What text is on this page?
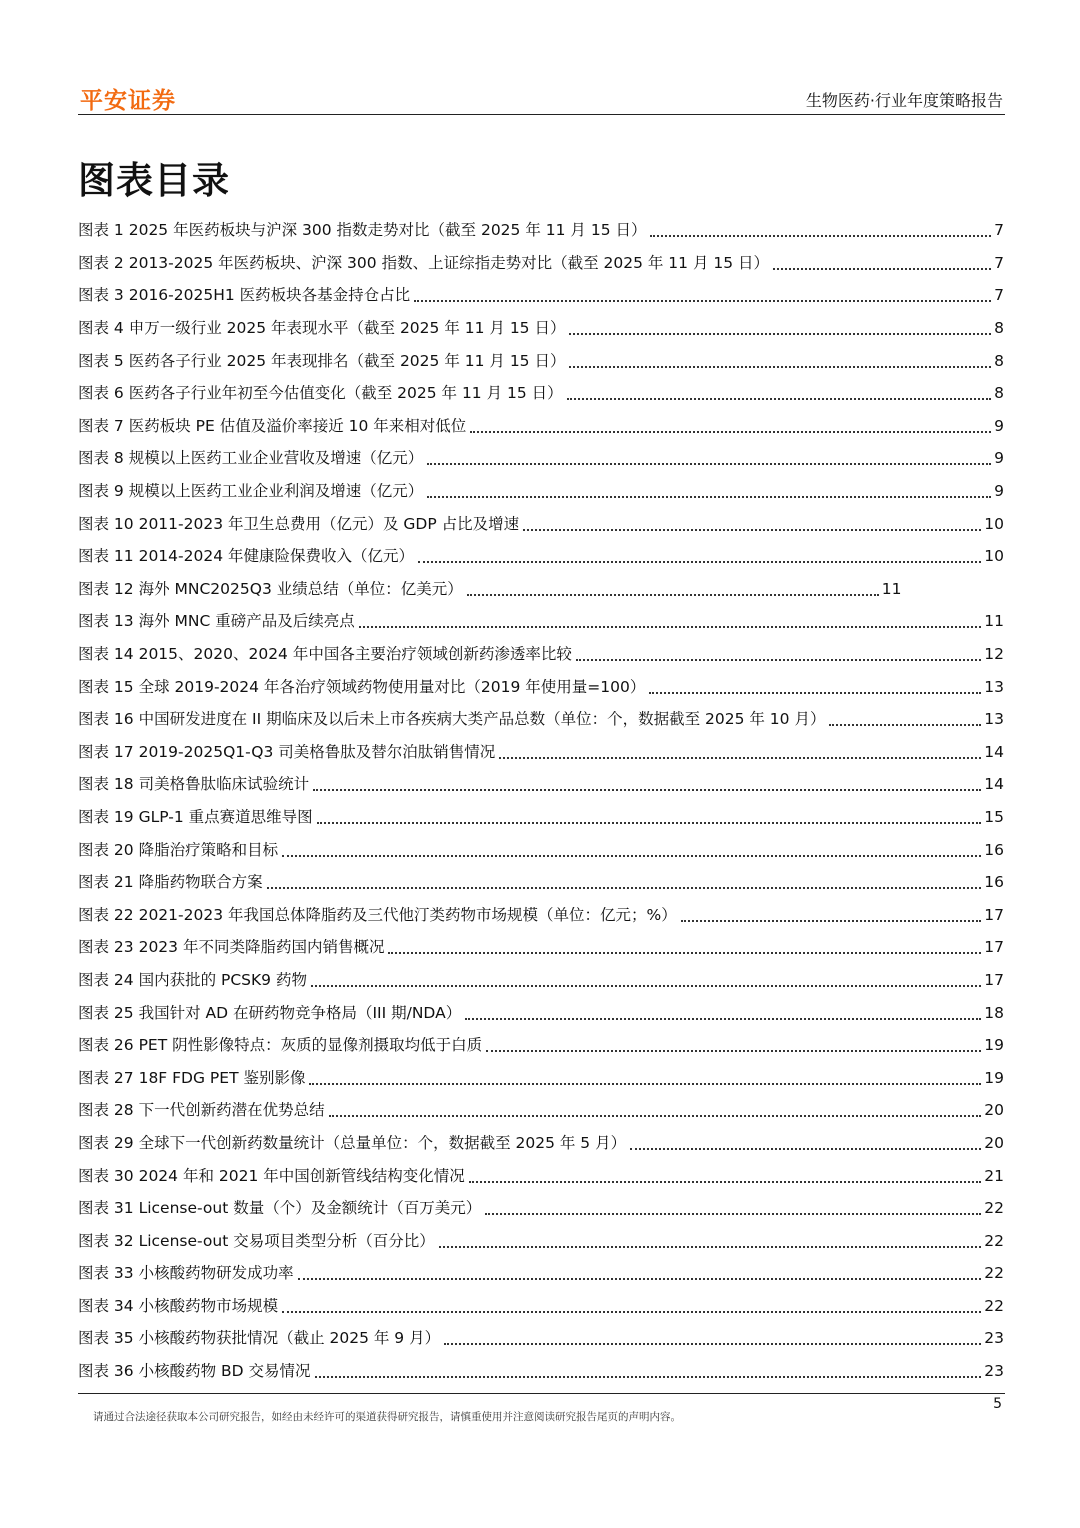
平安证券	生物医药·行业年度策略报告
图表目录
图表 1 2025 年医药板块与沪深 300 指数走势对比（截至 2025 年 11 月 15 日）	7
图表 2 2013-2025 年医药板块、沪深 300 指数、上证综指走势对比（截至 2025 年 11 月 15 日）	7
图表 3 2016-2025H1 医药板块各基金持仓占比	7
图表 4 申万一级行业 2025 年表现水平（截至 2025 年 11 月 15 日）	8
图表 5 医药各子行业 2025 年表现排名（截至 2025 年 11 月 15 日）	8
图表 6 医药各子行业年初至今估值变化（截至 2025 年 11 月 15 日）	8
图表 7 医药板块 PE 估值及溢价率接近 10 年来相对低位	9
图表 8 规模以上医药工业企业营收及增速（亿元）	9
图表 9 规模以上医药工业企业利润及增速（亿元）	9
图表 10 2011-2023 年卫生总费用（亿元）及 GDP 占比及增速	10
图表 11 2014-2024 年健康险保费收入（亿元）	10
图表 12 海外 MNC2025Q3 业绩总结（单位：亿美元）	11
图表 13 海外 MNC 重磅产品及后续亮点	11
图表 14 2015、2020、2024 年中国各主要治疗领域创新药渗透率比较	12
图表 15 全球 2019-2024 年各治疗领域药物使用量对比（2019 年使用量=100）	13
图表 16 中国研发进度在 II 期临床及以后未上市各疾病大类产品总数（单位：个，数据截至 2025 年 10 月）	13
图表 17 2019-2025Q1-Q3 司美格鲁肽及替尔泊肽销售情况	14
图表 18 司美格鲁肽临床试验统计	14
图表 19 GLP-1 重点赛道思维导图	15
图表 20 降脂治疗策略和目标	16
图表 21 降脂药物联合方案	16
图表 22 2021-2023 年我国总体降脂药及三代他汀类药物市场规模（单位：亿元；%）	17
图表 23 2023 年不同类降脂药国内销售概况	17
图表 24 国内获批的 PCSK9 药物	17
图表 25 我国针对 AD 在研药物竞争格局（III 期/NDA）	18
图表 26 PET 阴性影像特点：灰质的显像剂摄取均低于白质	19
图表 27 18F FDG PET 鉴别影像	19
图表 28 下一代创新药潜在优势总结	20
图表 29 全球下一代创新药数量统计（总量单位：个，数据截至 2025 年 5 月）	20
图表 30 2024 年和 2021 年中国创新管线结构变化情况	21
图表 31 License-out 数量（个）及金额统计（百万美元）	22
图表 32 License-out 交易项目类型分析（百分比）	22
图表 33 小核酸药物研发成功率	22
图表 34 小核酸药物市场规模	22
图表 35 小核酸药物获批情况（截止 2025 年 9 月）	23
图表 36 小核酸药物 BD 交易情况	23
5
请通过合法途径获取本公司研究报告，如经由未经许可的渠道获得研究报告，请慎重使用并注意阅读研究报告尾页的声明内容。
